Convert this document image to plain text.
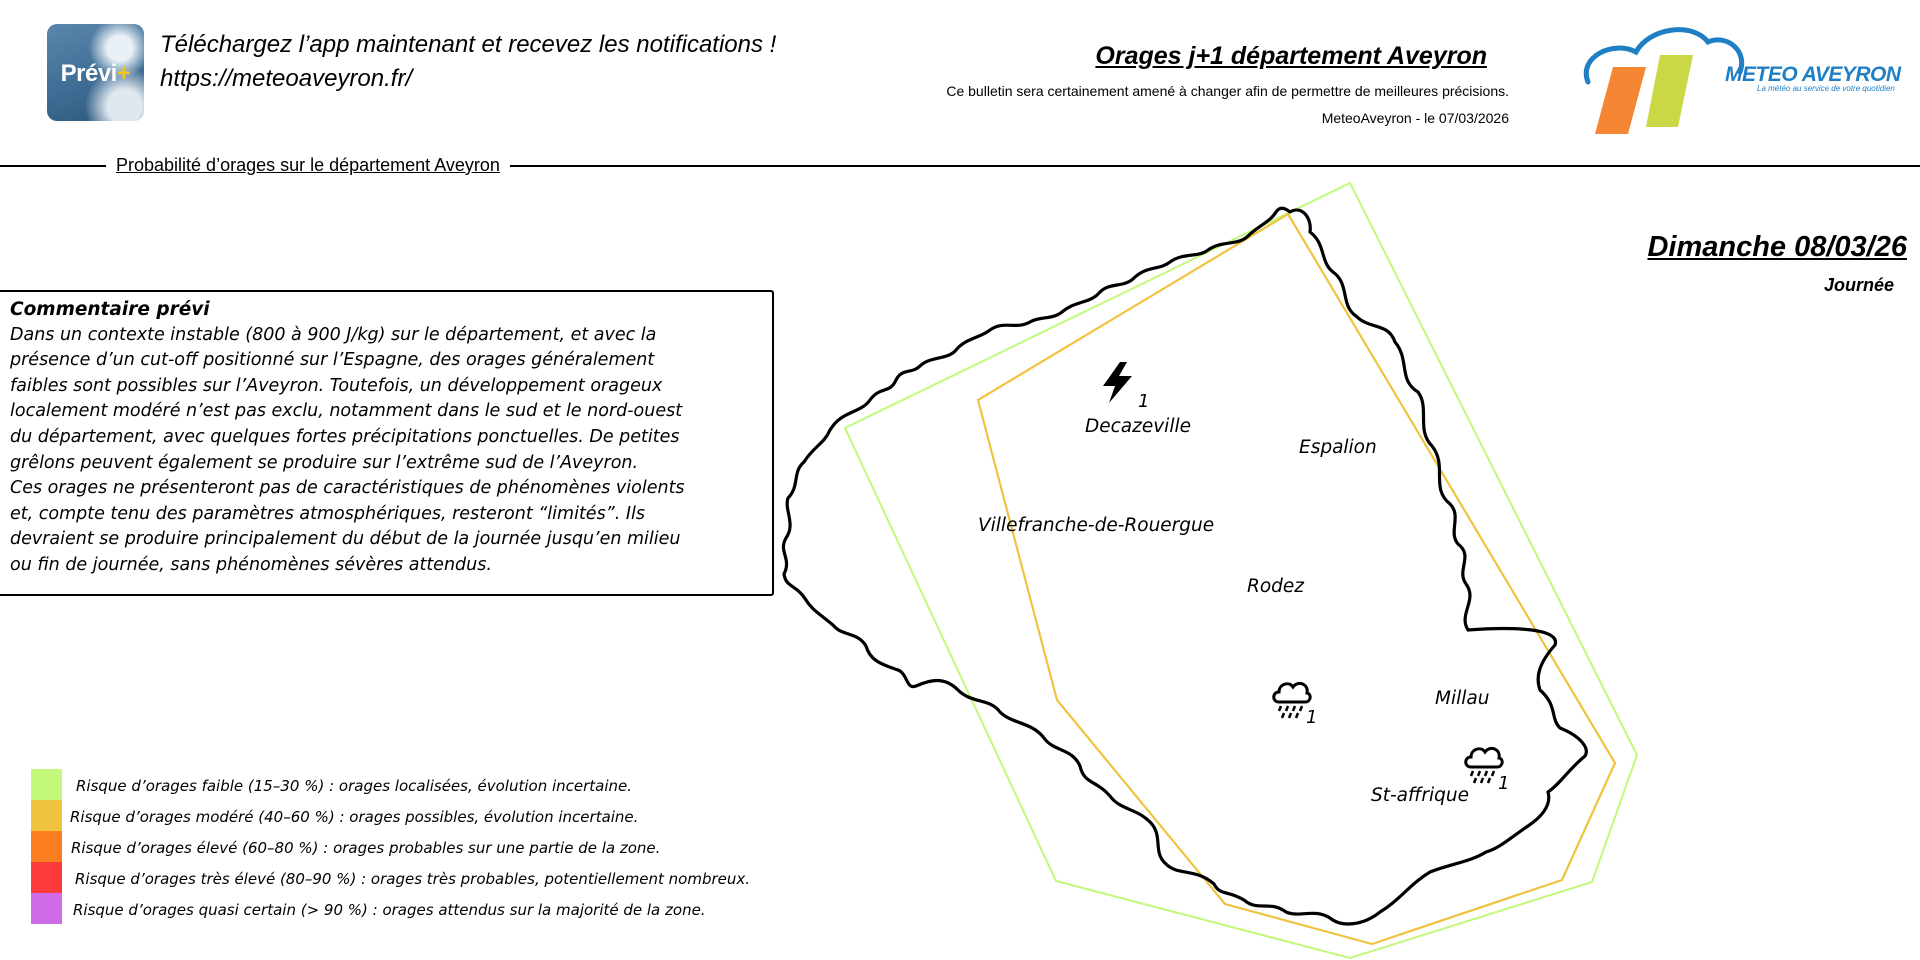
Prévi+
Téléchargez l’app maintenant et recevez les notifications !
https://meteoaveyron.fr/
Orages j+1 département Aveyron
Ce bulletin sera certainement amené à changer afin de permettre de meilleures précisions.
MeteoAveyron - le 07/03/2026
METEO AVEYRON
La météo au service de votre quotidien
Probabilité d’orages sur le département Aveyron
Dimanche 08/03/26
Journée
Commentaire prévi
Dans un contexte instable (800 à 900 J/kg) sur le département, et avec la présence d’un cut-off positionné sur l’Espagne, des orages généralement faibles sont possibles sur l’Aveyron. Toutefois, un développement orageux localement modéré n’est pas exclu, notamment dans le sud et le nord-ouest du département, avec quelques fortes précipitations ponctuelles. De petites grêlons peuvent également se produire sur l’extrême sud de l’Aveyron.
Ces orages ne présenteront pas de caractéristiques de phénomènes violents et, compte tenu des paramètres atmosphériques, resteront “limités”. Ils devraient se produire principalement du début de la journée jusqu’en milieu ou fin de journée, sans phénomènes sévères attendus.
Decazeville
Espalion
Villefranche-de-Rouergue
Rodez
Millau
St-affrique
1
1
1
Risque d’orages faible (15–30 %) : orages localisées, évolution incertaine.
Risque d’orages modéré (40–60 %) : orages possibles, évolution incertaine.
Risque d’orages élevé (60–80 %) : orages probables sur une partie de la zone.
Risque d’orages très élevé (80–90 %) : orages très probables, potentiellement nombreux.
Risque d’orages quasi certain (> 90 %) : orages attendus sur la majorité de la zone.
